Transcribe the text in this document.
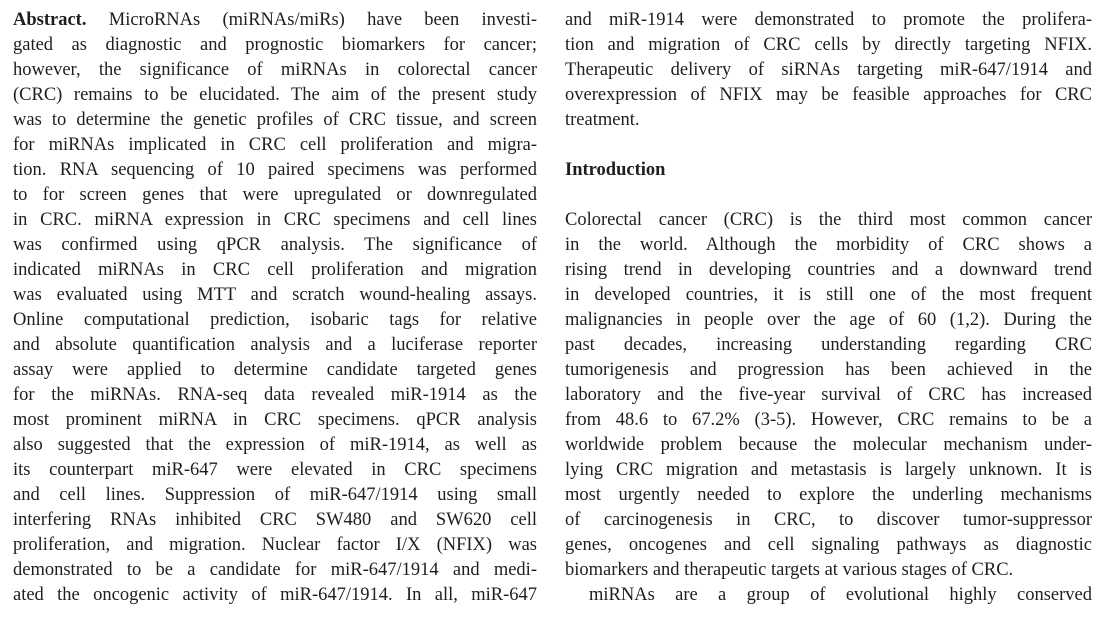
Abstract. MicroRNAs (miRNAs/miRs) have been investi-
gated as diagnostic and prognostic biomarkers for cancer;
however, the significance of miRNAs in colorectal cancer
(CRC) remains to be elucidated. The aim of the present study
was to determine the genetic profiles of CRC tissue, and screen
for miRNAs implicated in CRC cell proliferation and migra-
tion. RNA sequencing of 10 paired specimens was performed
to for screen genes that were upregulated or downregulated
in CRC. miRNA expression in CRC specimens and cell lines
was confirmed using qPCR analysis. The significance of
indicated miRNAs in CRC cell proliferation and migration
was evaluated using MTT and scratch wound-healing assays.
Online computational prediction, isobaric tags for relative
and absolute quantification analysis and a luciferase reporter
assay were applied to determine candidate targeted genes
for the miRNAs. RNA-seq data revealed miR-1914 as the
most prominent miRNA in CRC specimens. qPCR analysis
also suggested that the expression of miR-1914, as well as
its counterpart miR-647 were elevated in CRC specimens
and cell lines. Suppression of miR-647/1914 using small
interfering RNAs inhibited CRC SW480 and SW620 cell
proliferation, and migration. Nuclear factor I/X (NFIX) was
demonstrated to be a candidate for miR-647/1914 and medi-
ated the oncogenic activity of miR-647/1914. In all, miR-647
and miR-1914 were demonstrated to promote the prolifera-
tion and migration of CRC cells by directly targeting NFIX.
Therapeutic delivery of siRNAs targeting miR-647/1914 and
overexpression of NFIX may be feasible approaches for CRC
treatment.
Introduction
Colorectal cancer (CRC) is the third most common cancer
in the world. Although the morbidity of CRC shows a
rising trend in developing countries and a downward trend
in developed countries, it is still one of the most frequent
malignancies in people over the age of 60 (1,2). During the
past decades, increasing understanding regarding CRC
tumorigenesis and progression has been achieved in the
laboratory and the five-year survival of CRC has increased
from 48.6 to 67.2% (3-5). However, CRC remains to be a
worldwide problem because the molecular mechanism under-
lying CRC migration and metastasis is largely unknown. It is
most urgently needed to explore the underling mechanisms
of carcinogenesis in CRC, to discover tumor-suppressor
genes, oncogenes and cell signaling pathways as diagnostic
biomarkers and therapeutic targets at various stages of CRC.
miRNAs are a group of evolutional highly conserved
